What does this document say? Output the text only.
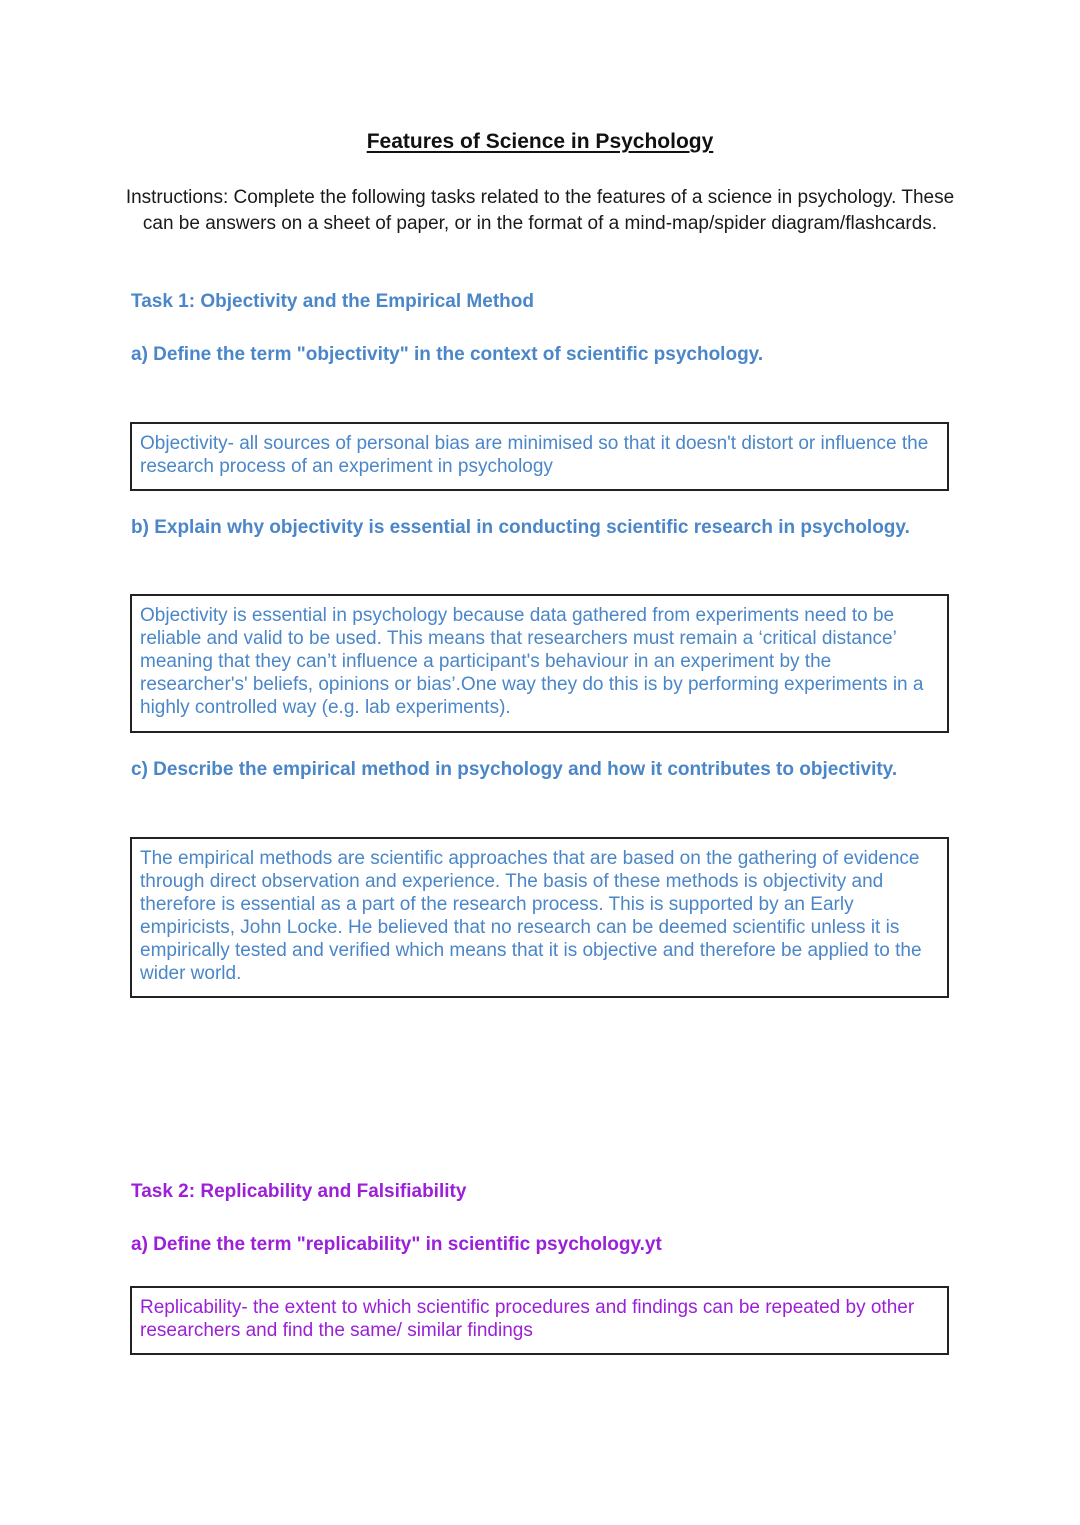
Features of Science in Psychology
Instructions: Complete the following tasks related to the features of a science in psychology. These can be answers on a sheet of paper, or in the format of a mind-map/spider diagram/flashcards.
Task 1: Objectivity and the Empirical Method
a) Define the term "objectivity" in the context of scientific psychology.
Objectivity- all sources of personal bias are minimised so that it doesn't distort or influence the research process of an experiment in psychology
b) Explain why objectivity is essential in conducting scientific research in psychology.
Objectivity is essential in psychology because data gathered from experiments need to be reliable and valid to be used. This means that researchers must remain a ‘critical distance’ meaning that they can’t influence a participant's behaviour in an experiment by the researcher's' beliefs, opinions or bias’.One way they do this is by performing experiments in a highly controlled way (e.g. lab experiments).
c) Describe the empirical method in psychology and how it contributes to objectivity.
The empirical methods are scientific approaches that are based on the gathering of evidence through direct observation and experience. The basis of these methods is objectivity and therefore is essential as a part of the research process. This is supported by an Early empiricists, John Locke. He believed that no research can be deemed scientific unless it is empirically tested and verified which means that it is objective and therefore be applied to the wider world.
Task 2: Replicability and Falsifiability
a) Define the term "replicability" in scientific psychology.yt
Replicability- the extent to which scientific procedures and findings can be repeated by other researchers and find the same/ similar findings
